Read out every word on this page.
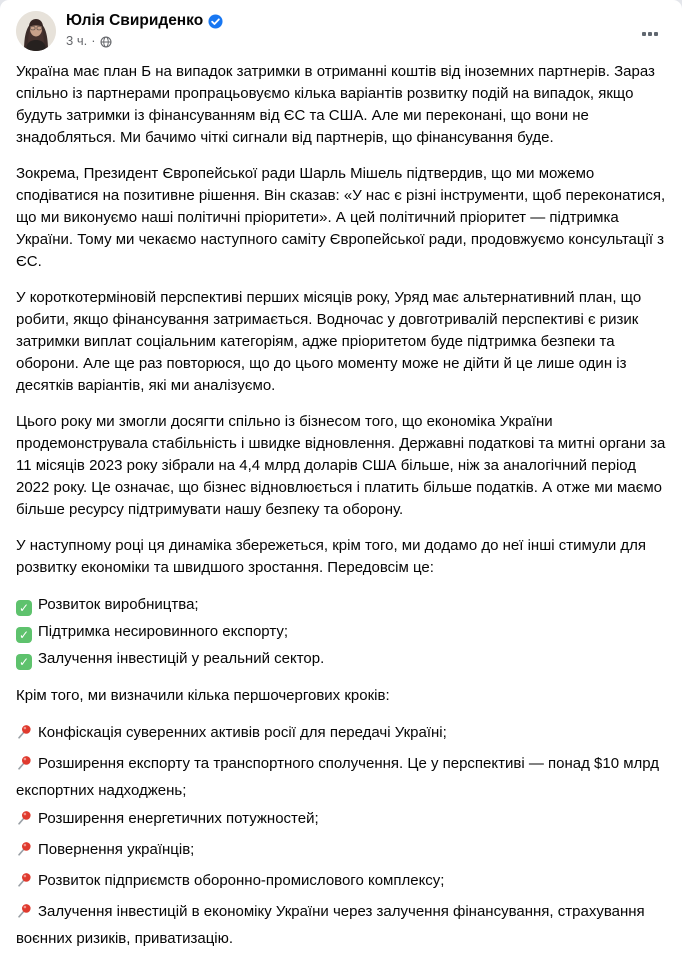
Юлія Свириденко
3 ч. ·

Україна має план Б на випадок затримки в отриманні коштів від іноземних партнерів. Зараз спільно із партнерами пропрацьовуємо кілька варіантів розвитку подій на випадок, якщо будуть затримки із фінансуванням від ЄС та США. Але ми переконані, що вони не знадобляться. Ми бачимо чіткі сигнали від партнерів, що фінансування буде.

Зокрема, Президент Європейської ради Шарль Мішель підтвердив, що ми можемо сподіватися на позитивне рішення. Він сказав: «У нас є різні інструменти, щоб переконатися, що ми виконуємо наші політичні пріоритети». А цей політичний пріоритет — підтримка України. Тому ми чекаємо наступного саміту Європейської ради, продовжуємо консультації з ЄС.

У короткотерміновій перспективі перших місяців року, Уряд має альтернативний план, що робити, якщо фінансування затримається. Водночас у довготривалій перспективі є ризик затримки виплат соціальним категоріям, адже пріоритетом буде підтримка безпеки та оборони. Але ще раз повторюся, що до цього моменту може не дійти й це лише один із десятків варіантів, які ми аналізуємо.

Цього року ми змогли досягти спільно із бізнесом того, що економіка України продемонструвала стабільність і швидке відновлення. Державні податкові та митні органи за 11 місяців 2023 року зібрали на 4,4 млрд доларів США більше, ніж за аналогічний період 2022 року. Це означає, що бізнес відновлюється і платить більше податків. А отже ми маємо більше ресурсу підтримувати нашу безпеку та оборону.

У наступному році ця динаміка збережеться, крім того, ми додамо до неї інші стимули для розвитку економіки та швидшого зростання. Передовсім це:

✓ Розвиток виробництва;
✓ Підтримка несировинного експорту;
✓ Залучення інвестицій у реальний сектор.

Крім того, ми визначили кілька першочергових кроків:

Конфіскація суверенних активів росії для передачі Україні;
Розширення експорту та транспортного сполучення. Це у перспективі — понад $10 млрд експортних надходжень;
Розширення енергетичних потужностей;
Повернення українців;
Розвиток підприємств оборонно-промислового комплексу;
Залучення інвестицій в економіку України через залучення фінансування, страхування воєнних ризиків, приватизацію.
